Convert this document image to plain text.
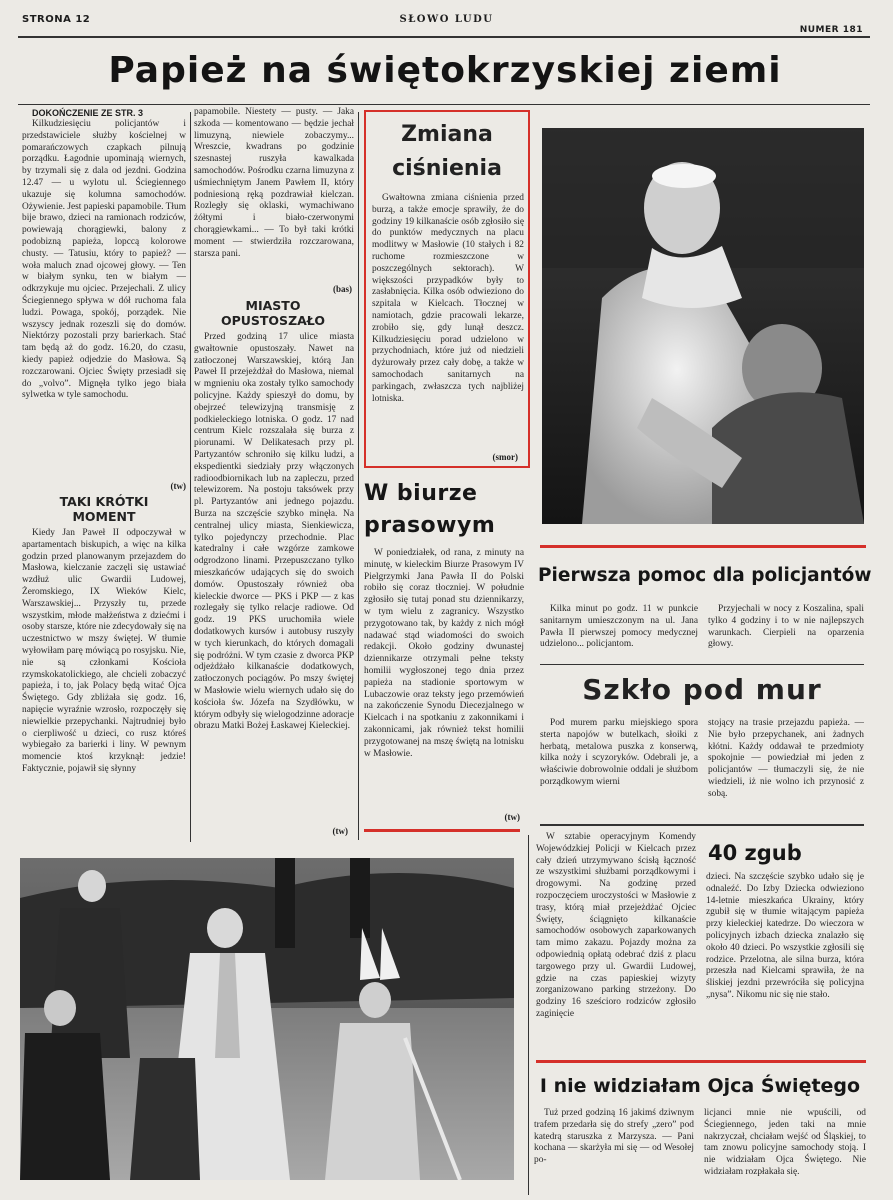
STRONA 12	SŁOWO LUDU
NUMER 181
Papież na świętokrzyskiej ziemi
DOKOŃCZENIE ZE STR. 3
Kilkudziesięciu policjantów i przedstawiciele służby kościelnej w pomarańczowych czapkach pilnują porządku. Łagodnie upominają wiernych, by trzymali się z dala od jezdni. Godzina 12.47 — u wylotu ul. Ściegiennego ukazuje się kolumna samochodów. Ożywienie. Jest papieski papamobile. Tłum bije brawo, dzieci na ramionach rodziców, powiewają chorągiewki, balony z podobizną papieża, lopccą kolorowe chusty. — Tatusiu, który to papież? — woła maluch znad ojcowej głowy. — Ten w białym synku, ten w białym — odkrzykuje mu ojciec. Przejechali. Z ulicy Ściegiennego spływa w dół ruchoma fala ludzi. Powaga, spokój, porządek. Nie wszyscy jednak rozeszli się do domów. Niektórzy pozostali przy barierkach. Stać tam będą aż do godz. 16.20, do czasu, kiedy papież odjedzie do Masłowa. Są rozczarowani. Ojciec Święty przesiadł się do „volvo”. Mignęła tylko jego biała sylwetka w tyle samochodu.
(tw)
TAKI KRÓTKI MOMENT
Kiedy Jan Paweł II odpoczywał w apartamentach biskupich, a więc na kilka godzin przed planowanym przejazdem do Masłowa, kielczanie zaczęli się ustawiać wzdłuż ulic Gwardii Ludowej, Żeromskiego, IX Wieków Kielc, Warszawskiej... Przyszły tu, przede wszystkim, młode małżeństwa z dziećmi i osoby starsze, które nie zdecydowały się na uczestnictwo w mszy świętej. W tłumie wyłowiłam parę mówiącą po rosyjsku. Nie, nie są członkami Kościoła rzymskokatolickiego, ale chcieli zobaczyć papieża, i to, jak Polacy będą witać Ojca Świętego. Gdy zbliżała się godz. 16, napięcie wyraźnie wzrosło, rozpoczęły się niewielkie przepychanki. Najtrudniej było o cierpliwość u dzieci, co rusz któreś wybiegało za barierki i liny. W pewnym momencie ktoś krzyknął: jedzie! Faktycznie, pojawił się słynny
papamobile. Niestety — pusty. — Jaka szkoda — komentowano — będzie jechał limuzyną, niewiele zobaczymy... Wreszcie, kwadrans po godzinie szesnastej ruszyła kawalkada samochodów. Pośrodku czarna limuzyna z uśmiechniętym Janem Pawłem II, który podniesioną ręką pozdrawiał kielczan. Rozległy się oklaski, wymachiwano żółtymi i biało-czerwonymi chorągiewkami... — To był taki krótki moment — stwierdziła rozczarowana, starsza pani.
(bas)
MIASTO OPUSTOSZAŁO
Przed godziną 17 ulice miasta gwałtownie opustoszały. Nawet na zatłoczonej Warszawskiej, którą Jan Paweł II przejeżdżał do Masłowa, niemal w mgnieniu oka zostały tylko samochody policyjne. Każdy spieszył do domu, by obejrzeć telewizyjną transmisję z podkieleckiego lotniska. O godz. 17 nad centrum Kielc rozszalała się burza z piorunami. W Delikatesach przy pl. Partyzantów schroniło się kilku ludzi, a ekspedientki siedziały przy włączonych radioodbiornikach lub na zapleczu, przed telewizorem. Na postoju taksówek przy pl. Partyzantów ani jednego pojazdu. Burza na szczęście szybko minęła. Na centralnej ulicy miasta, Sienkiewicza, tylko pojedynczy przechodnie. Plac katedralny i całe wzgórze zamkowe odgrodzono linami. Przepuszczano tylko mieszkańców udających się do swoich domów. Opustoszały również oba kieleckie dworce — PKS i PKP — z kas rozlegały się tylko relacje radiowe. Od godz. 19 PKS uruchomiła wiele dodatkowych kursów i autobusy ruszyły w tych kierunkach, do których domagali się podróżni. W tym czasie z dworca PKP odjeżdżało kilkanaście dodatkowych, zatłoczonych pociągów. Po mszy świętej w Masłowie wielu wiernych udało się do kościoła św. Józefa na Szydłówku, w którym odbyły się wielogodzinne adoracje obrazu Matki Bożej Łaskawej Kieleckiej.
(tw)
Zmiana
ciśnienia
Gwałtowna zmiana ciśnienia przed burzą, a także emocje sprawiły, że do godziny 19 kilkanaście osób zgłosiło się do punktów medycznych na placu modlitwy w Masłowie (10 stałych i 82 ruchome rozmieszczone w poszczególnych sektorach). W większości przypadków były to zasłabnięcia. Kilka osób odwieziono do szpitala w Kielcach. Tłocznej w namiotach, gdzie pracowali lekarze, zrobiło się, gdy lunął deszcz. Kilkudziesięciu porad udzielono w przychodniach, które już od niedzieli dyżurowały przez cały dobę, a także w samochodach sanitarnych na parkingach, zwłaszcza tych najbliżej lotniska.
(smor)
W biurze
prasowym
W poniedziałek, od rana, z minuty na minutę, w kieleckim Biurze Prasowym IV Pielgrzymki Jana Pawła II do Polski robiło się coraz tłoczniej. W południe zgłosiło się tutaj ponad stu dziennikarzy, w tym wielu z zagranicy. Wszystko przygotowano tak, by każdy z nich mógł nadawać stąd wiadomości do swoich redakcji. Około godziny dwunastej dziennikarze otrzymali pełne teksty homilii wygłoszonej tego dnia przez papieża na stadionie sportowym w Lubaczowie oraz teksty jego przemówień na zakończenie Synodu Diecezjalnego w Kielcach i na spotkaniu z zakonnikami i zakonnicami, jak również tekst homilii przygotowanej na mszę świętą na lotnisku w Masłowie.
(tw)
Pierwsza pomoc dla policjantów
Kilka minut po godz. 11 w punkcie sanitarnym umieszczonym na ul. Jana Pawła II pierwszej pomocy medycznej udzielono... policjantom.
Przyjechali w nocy z Koszalina, spali tylko 4 godziny i to w nie najlepszych warunkach. Cierpieli na oparzenia głowy.
Szkło pod mur
Pod murem parku miejskiego spora sterta napojów w butelkach, słoiki z herbatą, metalowa puszka z konserwą, kilka noży i scyzoryków. Odebrali je, a właściwie dobrowolnie oddali je służbom porządkowym wierni
stojący na trasie przejazdu papieża. — Nie było przepychanek, ani żadnych kłótni. Każdy oddawał te przedmioty spokojnie — powiedział mi jeden z policjantów — tłumaczyli się, że nie wiedzieli, iż nie wolno ich przynosić z sobą.
W sztabie operacyjnym Komendy Wojewódzkiej Policji w Kielcach przez cały dzień utrzymywano ścisłą łączność ze wszystkimi służbami porządkowymi i drogowymi. Na godzinę przed rozpoczęciem uroczystości w Masłowie z trasy, którą miał przejeżdżać Ojciec Święty, ściągnięto kilkanaście samochodów osobowych zaparkowanych tam mimo zakazu. Pojazdy można za odpowiednią opłatą odebrać dziś z placu targowego przy ul. Gwardii Ludowej, gdzie na czas papieskiej wizyty zorganizowano parking strzeżony. Do godziny 16 sześciorо rodziców zgłosiło zaginięcie
40 zgub
dzieci. Na szczęście szybko udało się je odnaleźć. Do Izby Dziecka odwieziono 14-letnie mieszkańca Ukrainy, który zgubił się w tłumie witającym papieża przy kieleckiej katedrze. Do wieczora w policyjnych izbach dziecka znalazło się około 40 dzieci. Po wszystkie zgłosili się rodzice. Przelotna, ale silna burza, która przeszła nad Kielcami sprawiła, że na śliskiej jezdni przewróciła się policyjna „nysa”. Nikomu nic się nie stało.
I nie widziałam Ojca Świętego
Tuż przed godziną 16 jakimś dziwnym trafem przedarła się do strefy „zero” pod katedrą staruszka z Marzysza. — Pani kochana — skarżyła mi się — od Wesołej po-
licjanci mnie nie wpuścili, od Ściegiennego, jeden taki na mnie nakrzyczał, chciałam wejść od Śląskiej, to tam znowu policyjne samochody stoją. I nie widziałam Ojca Świętego. Nie widziałam rozpłakała się.
